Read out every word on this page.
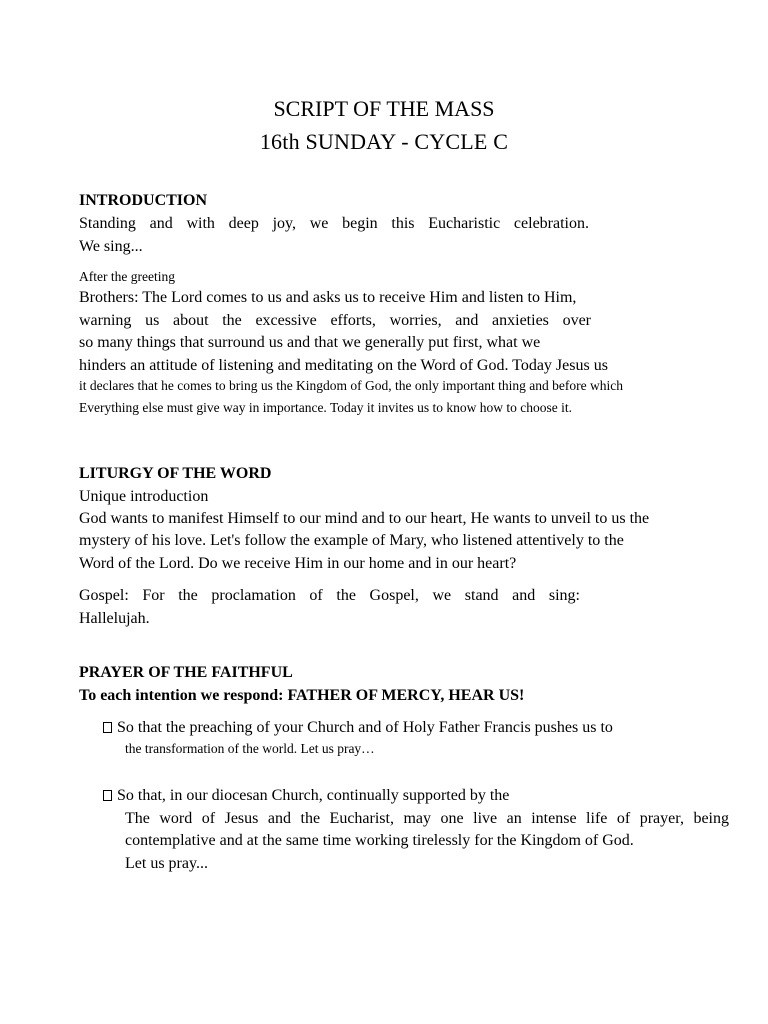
SCRIPT OF THE MASS
16th SUNDAY - CYCLE C
INTRODUCTION
Standing and with deep joy, we begin this Eucharistic celebration.
We sing...
After the greeting
Brothers: The Lord comes to us and asks us to receive Him and listen to Him,
warning us about the excessive efforts, worries, and anxieties over
so many things that surround us and that we generally put first, what we
hinders an attitude of listening and meditating on the Word of God. Today Jesus us
it declares that he comes to bring us the Kingdom of God, the only important thing and before which
Everything else must give way in importance. Today it invites us to know how to choose it.
LITURGY OF THE WORD
Unique introduction
God wants to manifest Himself to our mind and to our heart, He wants to unveil to us the
mystery of his love. Let's follow the example of Mary, who listened attentively to the
Word of the Lord. Do we receive Him in our home and in our heart?
Gospel: For the proclamation of the Gospel, we stand and sing:
Hallelujah.
PRAYER OF THE FAITHFUL
To each intention we respond: FATHER OF MERCY, HEAR US!
So that the preaching of your Church and of Holy Father Francis pushes us to
the transformation of the world. Let us pray…
So that, in our diocesan Church, continually supported by the
The word of Jesus and the Eucharist, may one live an intense life of prayer, being
contemplative and at the same time working tirelessly for the Kingdom of God.
Let us pray...
